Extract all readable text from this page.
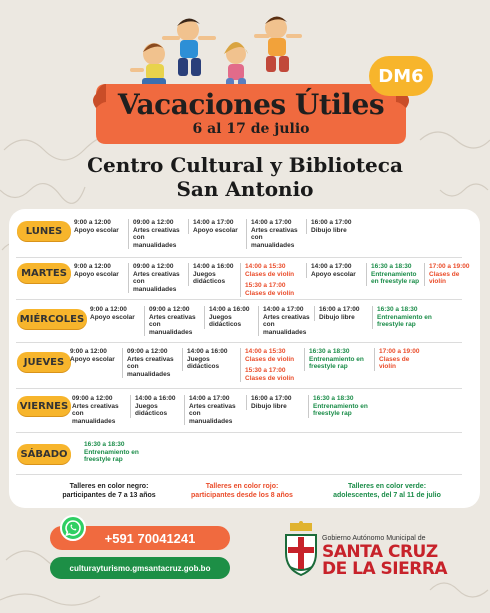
DM6
Vacaciones Útiles
6 al 17 de julio
Centro Cultural y Biblioteca
San Antonio
LUNES
9:00 a 12:00
Apoyo escolar
09:00 a 12:00
Artes creativas
con
manualidades
14:00 a 17:00
Apoyo escolar
14:00 a 17:00
Artes creativas
con
manualidades
16:00 a 17:00
Dibujo libre
MARTES
9:00 a 12:00
Apoyo escolar
09:00 a 12:00
Artes creativas
con
manualidades
14:00 a 16:00
Juegos
didácticos
14:00 a 15:30
Clases de violín
15:30 a 17:00
Clases de violín
14:00 a 17:00
Apoyo escolar
16:30 a 18:30
Entrenamiento
en freestyle rap
17:00 a 19:00
Clases de
violín
MIÉRCOLES
9:00 a 12:00
Apoyo escolar
09:00 a 12:00
Artes creativas
con
manualidades
14:00 a 16:00
Juegos
didácticos
14:00 a 17:00
Artes creativas
con
manualidades
16:00 a 17:00
Dibujo libre
16:30 a 18:30
Entrenamiento en
freestyle rap
JUEVES
9:00 a 12:00
Apoyo escolar
09:00 a 12:00
Artes creativas
con
manualidades
14:00 a 16:00
Juegos
didácticos
14:00 a 15:30
Clases de violín
15:30 a 17:00
Clases de violín
16:30 a 18:30
Entrenamiento en
freestyle rap
17:00 a 19:00
Clases de
violín
VIERNES
09:00 a 12:00
Artes creativas
con
manualidades
14:00 a 16:00
Juegos
didácticos
14:00 a 17:00
Artes creativas
con
manualidades
16:00 a 17:00
Dibujo libre
16:30 a 18:30
Entrenamiento en
freestyle rap
SÁBADO
16:30 a 18:30
Entrenamiento en
freestyle rap
Talleres en color negro:
participantes de 7 a 13 años
Talleres en color rojo:
participantes desde los 8 años
Talleres en color verde:
adolescentes, del 7 al 11 de julio
+591 70041241
culturayturismo.gmsantacruz.gob.bo
Gobierno Autónomo Municipal de
SANTA CRUZ
DE LA SIERRA
